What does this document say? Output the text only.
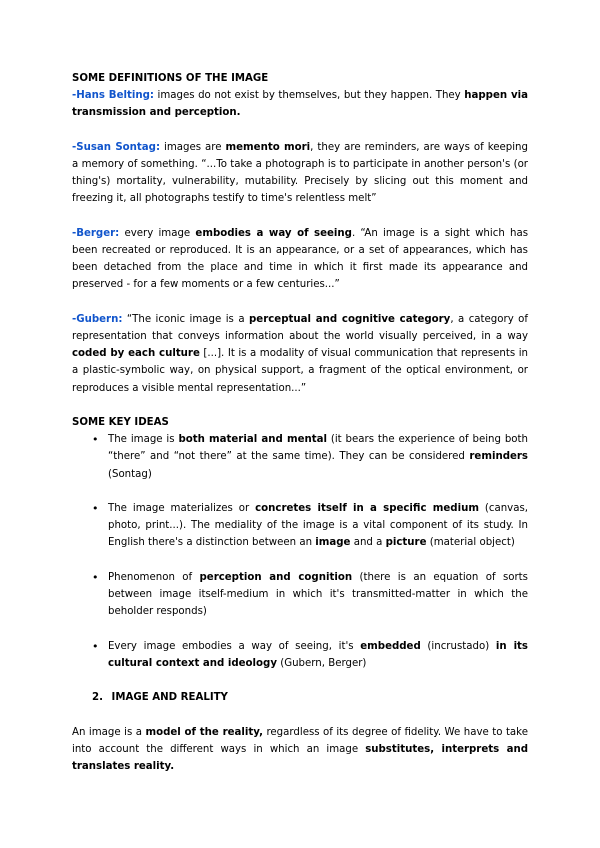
SOME DEFINITIONS OF THE IMAGE

-Hans Belting: images do not exist by themselves, but they happen. They happen via transmission and perception.

-Susan Sontag: images are memento mori, they are reminders, are ways of keeping a memory of something. “...To take a photograph is to participate in another person's (or thing's) mortality, vulnerability, mutability. Precisely by slicing out this moment and freezing it, all photographs testify to time's relentless melt”

-Berger: every image embodies a way of seeing. “An image is a sight which has been recreated or reproduced. It is an appearance, or a set of appearances, which has been detached from the place and time in which it first made its appearance and preserved - for a few moments or a few centuries...”

-Gubern: “The iconic image is a perceptual and cognitive category, a category of representation that conveys information about the world visually perceived, in a way coded by each culture [...]. It is a modality of visual communication that represents in a plastic-symbolic way, on physical support, a fragment of the optical environment, or reproduces a visible mental representation...”

SOME KEY IDEAS
• The image is both material and mental (it bears the experience of being both “there” and “not there” at the same time). They can be considered reminders (Sontag)
• The image materializes or concretes itself in a specific medium (canvas, photo, print...). The mediality of the image is a vital component of its study. In English there's a distinction between an image and a picture (material object)
• Phenomenon of perception and cognition (there is an equation of sorts between image itself-medium in which it's transmitted-matter in which the beholder responds)
• Every image embodies a way of seeing, it's embedded (incrustado) in its cultural context and ideology (Gubern, Berger)
2. IMAGE AND REALITY

An image is a model of the reality, regardless of its degree of fidelity. We have to take into account the different ways in which an image substitutes, interprets and translates reality.
